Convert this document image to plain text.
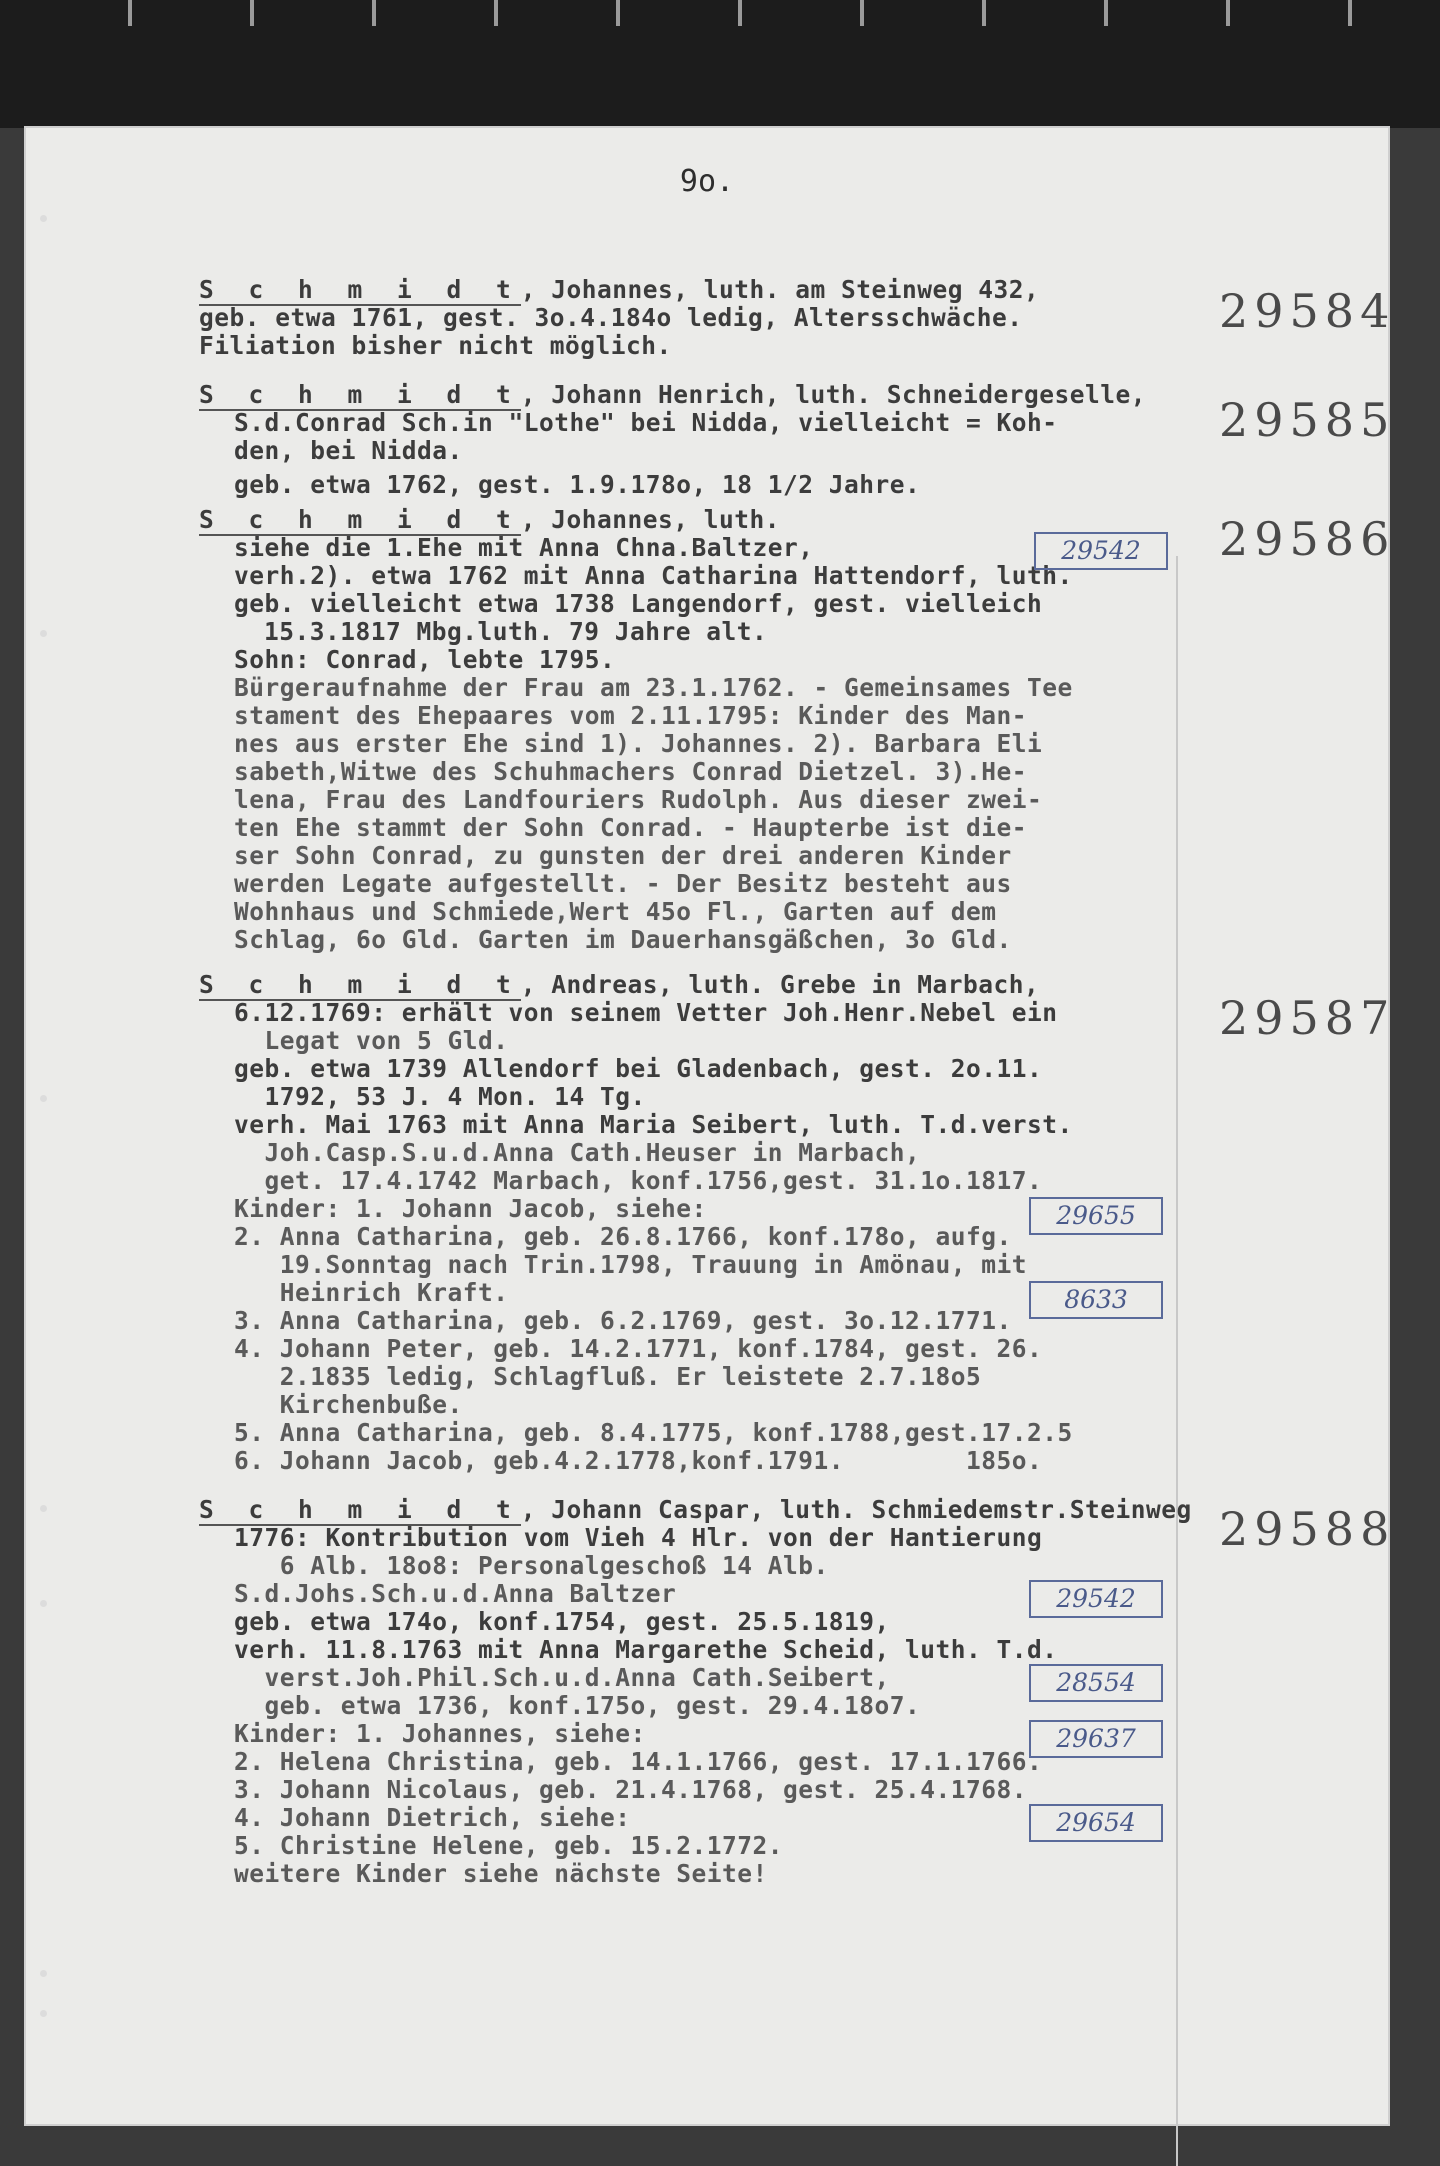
9o.
S c h m i d t, Johannes, luth. am Steinweg 432,
geb. etwa 1761, gest. 3o.4.184o ledig, Altersschwäche.
Filiation bisher nicht möglich.
29584
S c h m i d t, Johann Henrich, luth. Schneidergeselle,
S.d.Conrad Sch.in "Lothe" bei Nidda, vielleicht = Koh-
den, bei Nidda.
geb. etwa 1762, gest. 1.9.178o, 18 1/2 Jahre.
29585
S c h m i d t, Johannes, luth.
siehe die 1.Ehe mit Anna Chna.Baltzer,
verh.2). etwa 1762 mit Anna Catharina Hattendorf, luth.
geb. vielleicht etwa 1738 Langendorf, gest. vielleich
15.3.1817 Mbg.luth. 79 Jahre alt.
Sohn: Conrad, lebte 1795.
Bürgeraufnahme der Frau am 23.1.1762. - Gemeinsames Tee
stament des Ehepaares vom 2.11.1795: Kinder des Man-
nes aus erster Ehe sind 1). Johannes. 2). Barbara Eli
sabeth,Witwe des Schuhmachers Conrad Dietzel. 3).He-
lena, Frau des Landfouriers Rudolph. Aus dieser zwei-
ten Ehe stammt der Sohn Conrad. - Haupterbe ist die-
ser Sohn Conrad, zu gunsten der drei anderen Kinder
werden Legate aufgestellt. - Der Besitz besteht aus
Wohnhaus und Schmiede,Wert 45o Fl., Garten auf dem
Schlag, 6o Gld. Garten im Dauerhansgäßchen, 3o Gld.
29542	29586
S c h m i d t, Andreas, luth. Grebe in Marbach,
6.12.1769: erhält von seinem Vetter Joh.Henr.Nebel ein
Legat von 5 Gld.
geb. etwa 1739 Allendorf bei Gladenbach, gest. 2o.11.
1792, 53 J. 4 Mon. 14 Tg.
verh. Mai 1763 mit Anna Maria Seibert, luth. T.d.verst.
Joh.Casp.S.u.d.Anna Cath.Heuser in Marbach,
get. 17.4.1742 Marbach, konf.1756,gest. 31.1o.1817.
Kinder: 1. Johann Jacob, siehe:
2. Anna Catharina, geb. 26.8.1766, konf.178o, aufg.
19.Sonntag nach Trin.1798, Trauung in Amönau, mit
Heinrich Kraft.
3. Anna Catharina, geb. 6.2.1769, gest. 3o.12.1771.
4. Johann Peter, geb. 14.2.1771, konf.1784, gest. 26.
2.1835 ledig, Schlagfluß. Er leistete 2.7.18o5
Kirchenbuße.
5. Anna Catharina, geb. 8.4.1775, konf.1788,gest.17.2.5
6. Johann Jacob, geb.4.2.1778,konf.1791.        185o.
29655
8633
29587
S c h m i d t, Johann Caspar, luth. Schmiedemstr.Steinweg
1776: Kontribution vom Vieh 4 Hlr. von der Hantierung
6 Alb. 18o8: Personalgeschoß 14 Alb.
S.d.Johs.Sch.u.d.Anna Baltzer
geb. etwa 174o, konf.1754, gest. 25.5.1819,
verh. 11.8.1763 mit Anna Margarethe Scheid, luth. T.d.
verst.Joh.Phil.Sch.u.d.Anna Cath.Seibert,
geb. etwa 1736, konf.175o, gest. 29.4.18o7.
Kinder: 1. Johannes, siehe:
2. Helena Christina, geb. 14.1.1766, gest. 17.1.1766.
3. Johann Nicolaus, geb. 21.4.1768, gest. 25.4.1768.
4. Johann Dietrich, siehe:
5. Christine Helene, geb. 15.2.1772.
weitere Kinder siehe nächste Seite!
29542
28554
29637
29654
29588
